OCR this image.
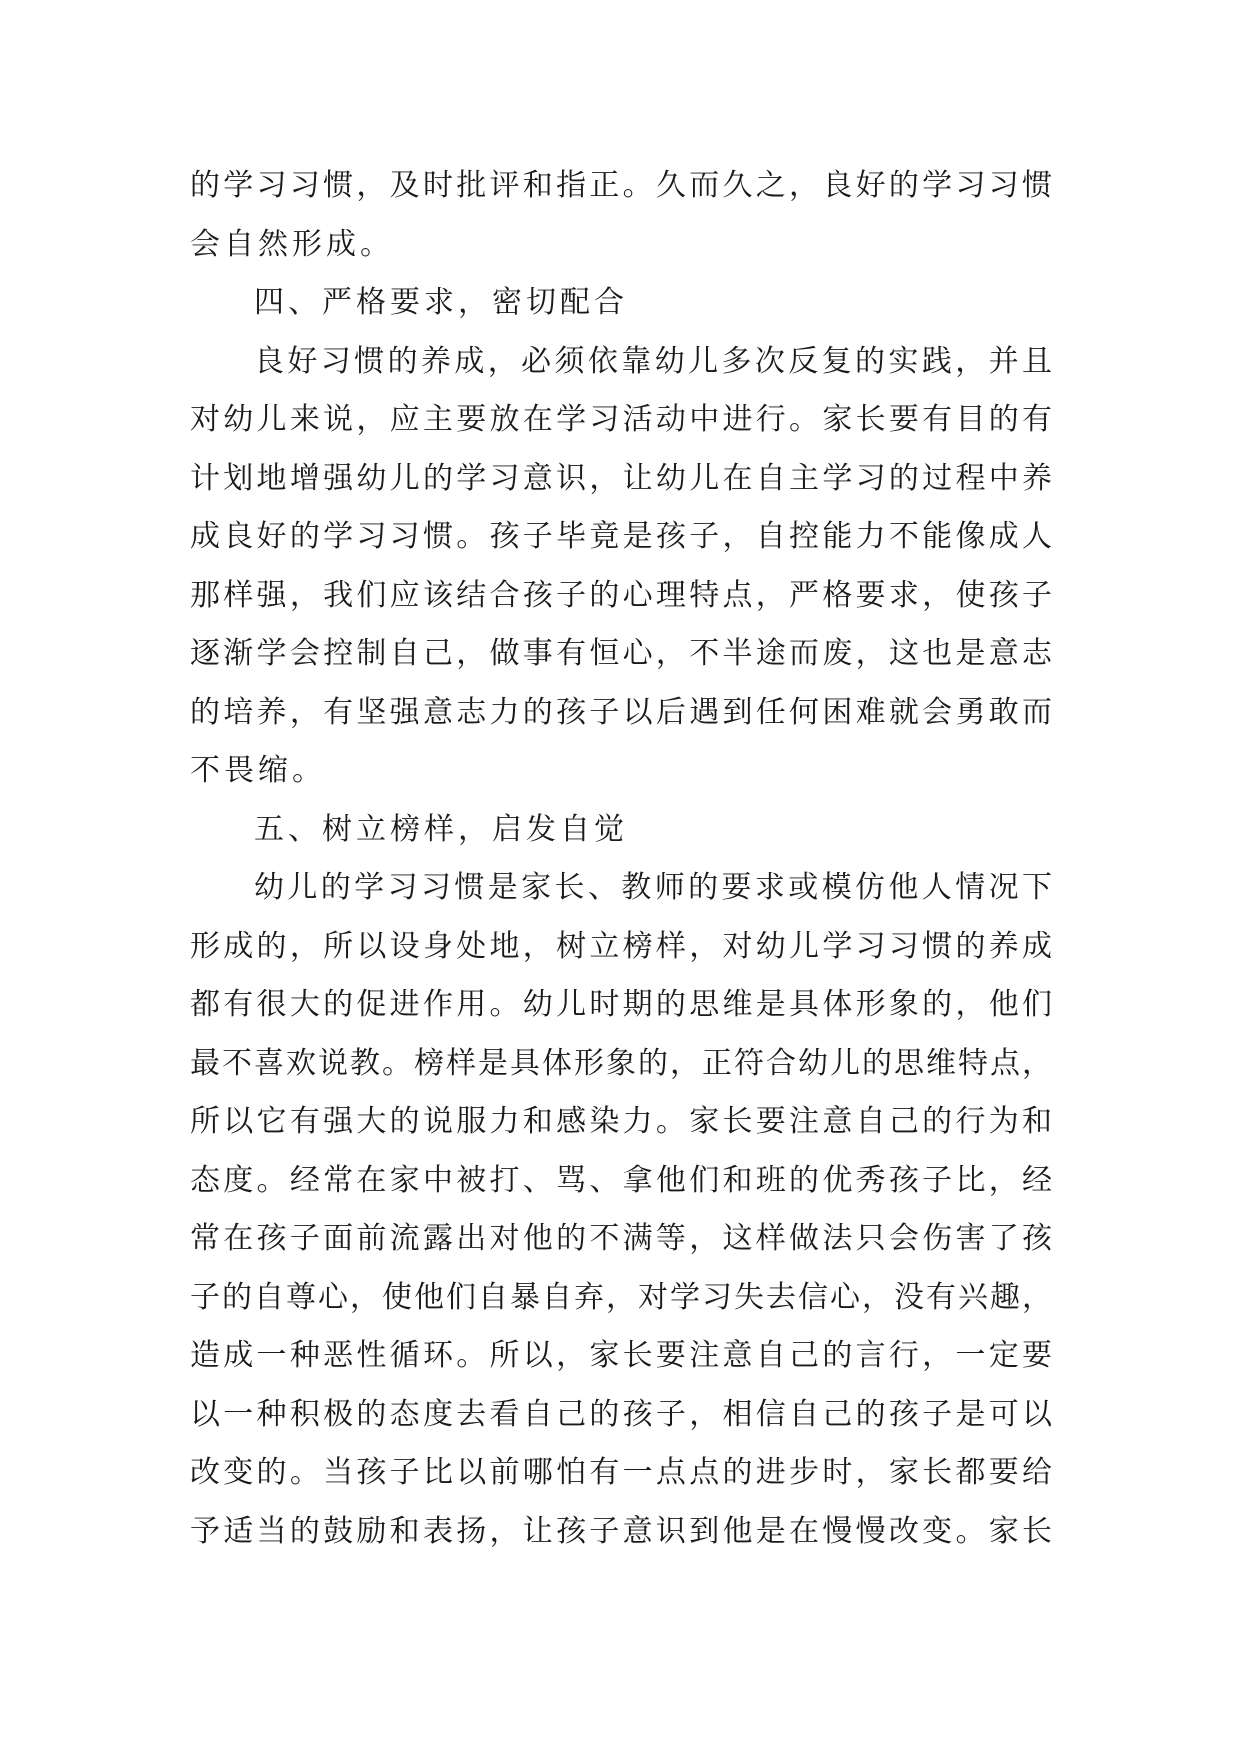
的学习习惯，及时批评和指正。久而久之，良好的学习习惯
会自然形成。
四、严格要求，密切配合
良好习惯的养成，必须依靠幼儿多次反复的实践，并且
对幼儿来说，应主要放在学习活动中进行。家长要有目的有
计划地增强幼儿的学习意识，让幼儿在自主学习的过程中养
成良好的学习习惯。孩子毕竟是孩子，自控能力不能像成人
那样强，我们应该结合孩子的心理特点，严格要求，使孩子
逐渐学会控制自己，做事有恒心，不半途而废，这也是意志
的培养，有坚强意志力的孩子以后遇到任何困难就会勇敢而
不畏缩。
五、树立榜样，启发自觉
幼儿的学习习惯是家长、教师的要求或模仿他人情况下
形成的，所以设身处地，树立榜样，对幼儿学习习惯的养成
都有很大的促进作用。幼儿时期的思维是具体形象的，他们
最不喜欢说教。榜样是具体形象的，正符合幼儿的思维特点，
所以它有强大的说服力和感染力。家长要注意自己的行为和
态度。经常在家中被打、骂、拿他们和班的优秀孩子比，经
常在孩子面前流露出对他的不满等，这样做法只会伤害了孩
子的自尊心，使他们自暴自弃，对学习失去信心，没有兴趣，
造成一种恶性循环。所以，家长要注意自己的言行，一定要
以一种积极的态度去看自己的孩子，相信自己的孩子是可以
改变的。当孩子比以前哪怕有一点点的进步时，家长都要给
予适当的鼓励和表扬，让孩子意识到他是在慢慢改变。家长
